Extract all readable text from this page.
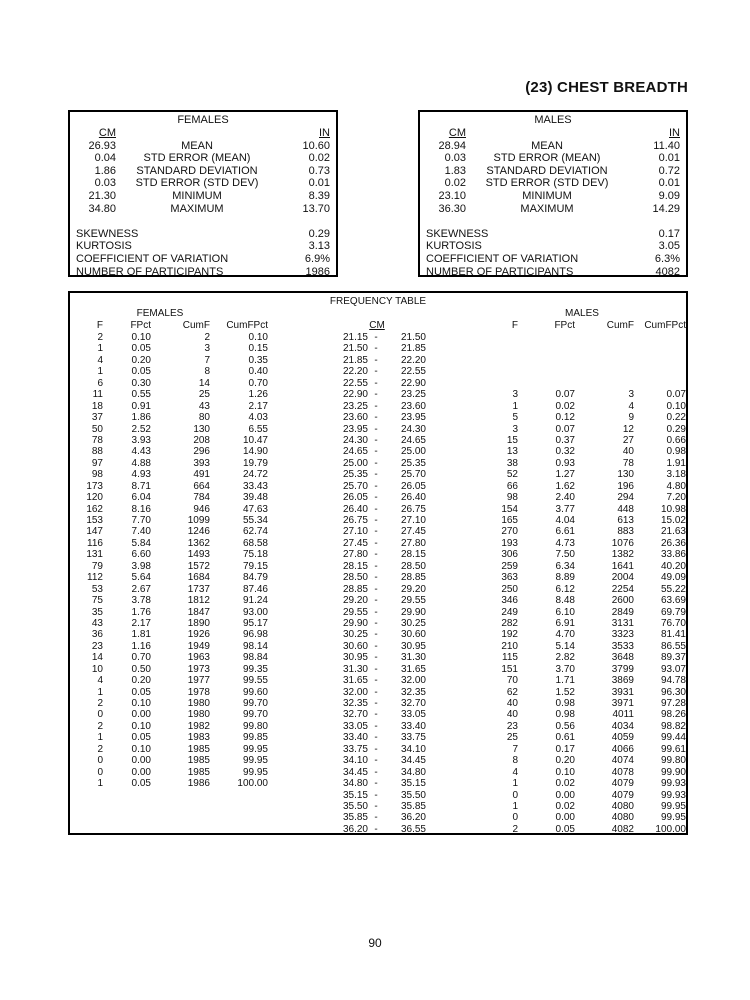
(23) CHEST BREADTH
FEMALES
CM	IN
26.93	MEAN	10.60
0.04	STD ERROR (MEAN)	0.02
1.86	STANDARD DEVIATION	0.73
0.03	STD ERROR (STD DEV)	0.01
21.30	MINIMUM	8.39
34.80	MAXIMUM	13.70
SKEWNESS	0.29
KURTOSIS	3.13
COEFFICIENT OF VARIATION	6.9%
NUMBER OF PARTICIPANTS	1986
MALES
CM	IN
28.94	MEAN	11.40
0.03	STD ERROR (MEAN)	0.01
1.83	STANDARD DEVIATION	0.72
0.02	STD ERROR (STD DEV)	0.01
23.10	MINIMUM	9.09
36.30	MAXIMUM	14.29
SKEWNESS	0.17
KURTOSIS	3.05
COEFFICIENT OF VARIATION	6.3%
NUMBER OF PARTICIPANTS	4082
FREQUENCY TABLE
FEMALES	MALES
F	FPct	CumF	CumFPct	F	FPct	CumF	CumFPct
CM
2	0.10	2	0.10	21.15 -	21.50
1	0.05	3	0.15	21.50 -	21.85
4	0.20	7	0.35	21.85 -	22.20
1	0.05	8	0.40	22.20 -	22.55
6	0.30	14	0.70	22.55 -	22.90
11	0.55	25	1.26	22.90 -	23.25	3	0.07	3	0.07
18	0.91	43	2.17	23.25 -	23.60	1	0.02	4	0.10
37	1.86	80	4.03	23.60 -	23.95	5	0.12	9	0.22
50	2.52	130	6.55	23.95 -	24.30	3	0.07	12	0.29
78	3.93	208	10.47	24.30 -	24.65	15	0.37	27	0.66
88	4.43	296	14.90	24.65 -	25.00	13	0.32	40	0.98
97	4.88	393	19.79	25.00 -	25.35	38	0.93	78	1.91
98	4.93	491	24.72	25.35 -	25.70	52	1.27	130	3.18
173	8.71	664	33.43	25.70 -	26.05	66	1.62	196	4.80
120	6.04	784	39.48	26.05 -	26.40	98	2.40	294	7.20
162	8.16	946	47.63	26.40 -	26.75	154	3.77	448	10.98
153	7.70	1099	55.34	26.75 -	27.10	165	4.04	613	15.02
147	7.40	1246	62.74	27.10 -	27.45	270	6.61	883	21.63
116	5.84	1362	68.58	27.45 -	27.80	193	4.73	1076	26.36
131	6.60	1493	75.18	27.80 -	28.15	306	7.50	1382	33.86
79	3.98	1572	79.15	28.15 -	28.50	259	6.34	1641	40.20
112	5.64	1684	84.79	28.50 -	28.85	363	8.89	2004	49.09
53	2.67	1737	87.46	28.85 -	29.20	250	6.12	2254	55.22
75	3.78	1812	91.24	29.20 -	29.55	346	8.48	2600	63.69
35	1.76	1847	93.00	29.55 -	29.90	249	6.10	2849	69.79
43	2.17	1890	95.17	29.90 -	30.25	282	6.91	3131	76.70
36	1.81	1926	96.98	30.25 -	30.60	192	4.70	3323	81.41
23	1.16	1949	98.14	30.60 -	30.95	210	5.14	3533	86.55
14	0.70	1963	98.84	30.95 -	31.30	115	2.82	3648	89.37
10	0.50	1973	99.35	31.30 -	31.65	151	3.70	3799	93.07
4	0.20	1977	99.55	31.65 -	32.00	70	1.71	3869	94.78
1	0.05	1978	99.60	32.00 -	32.35	62	1.52	3931	96.30
2	0.10	1980	99.70	32.35 -	32.70	40	0.98	3971	97.28
0	0.00	1980	99.70	32.70 -	33.05	40	0.98	4011	98.26
2	0.10	1982	99.80	33.05 -	33.40	23	0.56	4034	98.82
1	0.05	1983	99.85	33.40 -	33.75	25	0.61	4059	99.44
2	0.10	1985	99.95	33.75 -	34.10	7	0.17	4066	99.61
0	0.00	1985	99.95	34.10 -	34.45	8	0.20	4074	99.80
0	0.00	1985	99.95	34.45 -	34.80	4	0.10	4078	99.90
1	0.05	1986	100.00	34.80 -	35.15	1	0.02	4079	99.93
35.15 -	35.50	0	0.00	4079	99.93
35.50 -	35.85	1	0.02	4080	99.95
35.85 -	36.20	0	0.00	4080	99.95
36.20 -	36.55	2	0.05	4082	100.00
90
